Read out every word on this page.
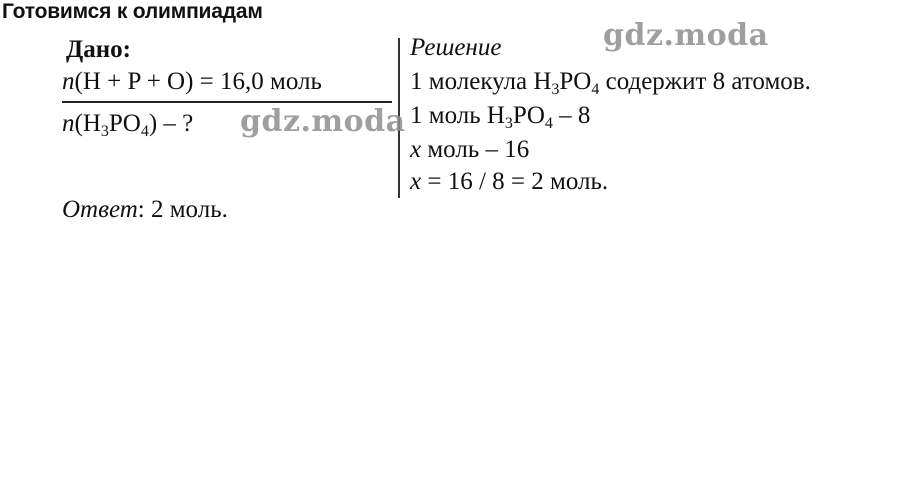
Готовимся к олимпиадам
Дано:
n(H + P + O) = 16,0 моль
$n(H_3PO_4)$ – ?
Решение
1 молекула $H_3PO_4$ содержит 8 атомов.
1 моль $H_3PO_4 - 8$
x моль – 16
x = 16 / 8 = 2 моль.
Ответ: 2 моль.
gdz.moda
gdz.moda
